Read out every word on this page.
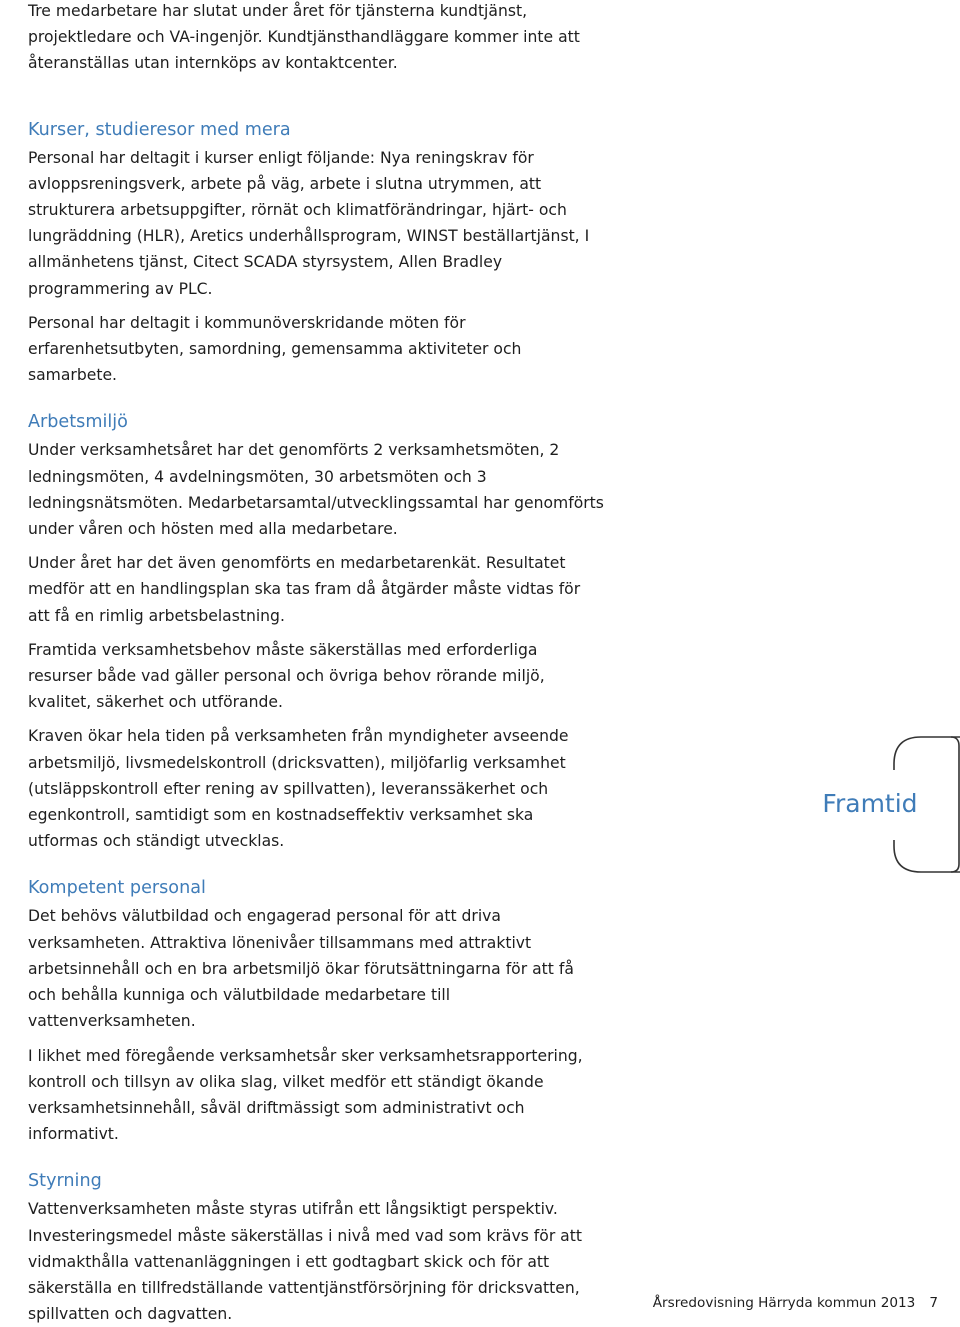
Tre medarbetare har slutat under året för tjänsterna kundtjänst, projektledare och VA-ingenjör. Kundtjänsthandläggare kommer inte att återanställas utan internköps av kontaktcenter.

Kurser, studieresor med mera

Personal har deltagit i kurser enligt följande: Nya reningskrav för avloppsreningsverk, arbete på väg, arbete i slutna utrymmen, att strukturera arbetsuppgifter, rörnät och klimatförändringar, hjärt- och lungräddning (HLR), Aretics underhållsprogram, WINST beställartjänst, I allmänhetens tjänst, Citect SCADA styrsystem, Allen Bradley programmering av PLC.

Personal har deltagit i kommunöverskridande möten för erfarenhetsutbyten, samordning, gemensamma aktiviteter och samarbete.

Arbetsmiljö

Under verksamhetsåret har det genomförts 2 verksamhetsmöten, 2 ledningsmöten, 4 avdelningsmöten, 30 arbetsmöten och 3 ledningsnätsmöten. Medarbetarsamtal/utvecklingssamtal har genomförts under våren och hösten med alla medarbetare.

Under året har det även genomförts en medarbetarenkät. Resultatet medför att en handlingsplan ska tas fram då åtgärder måste vidtas för att få en rimlig arbetsbelastning.

Framtida verksamhetsbehov måste säkerställas med erforderliga resurser både vad gäller personal och övriga behov rörande miljö, kvalitet, säkerhet och utförande.

Kraven ökar hela tiden på verksamheten från myndigheter avseende arbetsmiljö, livsmedelskontroll (dricksvatten), miljöfarlig verksamhet (utsläppskontroll efter rening av spillvatten), leveranssäkerhet och egenkontroll, samtidigt som en kostnadseffektiv verksamhet ska utformas och ständigt utvecklas.

Kompetent personal

Det behövs välutbildad och engagerad personal för att driva verksamheten. Attraktiva lönenivåer tillsammans med attraktivt arbetsinnehåll och en bra arbetsmiljö ökar förutsättningarna för att få och behålla kunniga och välutbildade medarbetare till vattenverksamheten.

I likhet med föregående verksamhetsår sker verksamhetsrapportering, kontroll och tillsyn av olika slag, vilket medför ett ständigt ökande verksamhetsinnehåll, såväl driftmässigt som administrativt och informativt.

Styrning

Vattenverksamheten måste styras utifrån ett långsiktigt perspektiv. Investeringsmedel måste säkerställas i nivå med vad som krävs för att vidmakthålla vattenanläggningen i ett godtagbart skick och för att säkerställa en tillfredställande vattentjänstförsörjning för dricksvatten, spillvatten och dagvatten.

Framtid
Årsredovisning Härryda kommun 2013 7
